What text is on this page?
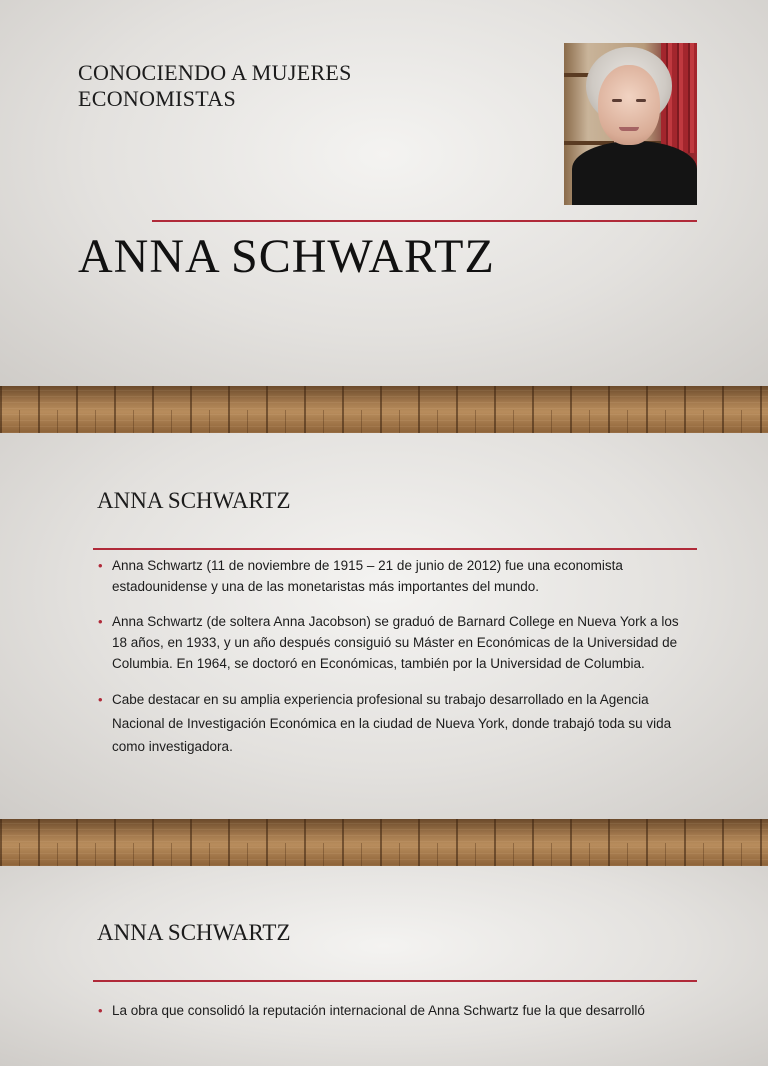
CONOCIENDO A MUJERES ECONOMISTAS
ANNA SCHWARTZ
ANNA SCHWARTZ
• Anna Schwartz (11 de noviembre de 1915 – 21 de junio de 2012) fue una economista estadounidense y una de las monetaristas más importantes del mundo.
• Anna Schwartz (de soltera Anna Jacobson) se graduó de Barnard College en Nueva York a los 18 años, en 1933, y un año después consiguió su Máster en Económicas de la Universidad de Columbia. En 1964, se doctoró en Económicas, también por la Universidad de Columbia.
• Cabe destacar en su amplia experiencia profesional su trabajo desarrollado en la Agencia Nacional de Investigación Económica en la ciudad de Nueva York, donde trabajó toda su vida como investigadora.
ANNA SCHWARTZ
• La obra que consolidó la reputación internacional de Anna Schwartz fue la que desarrolló
